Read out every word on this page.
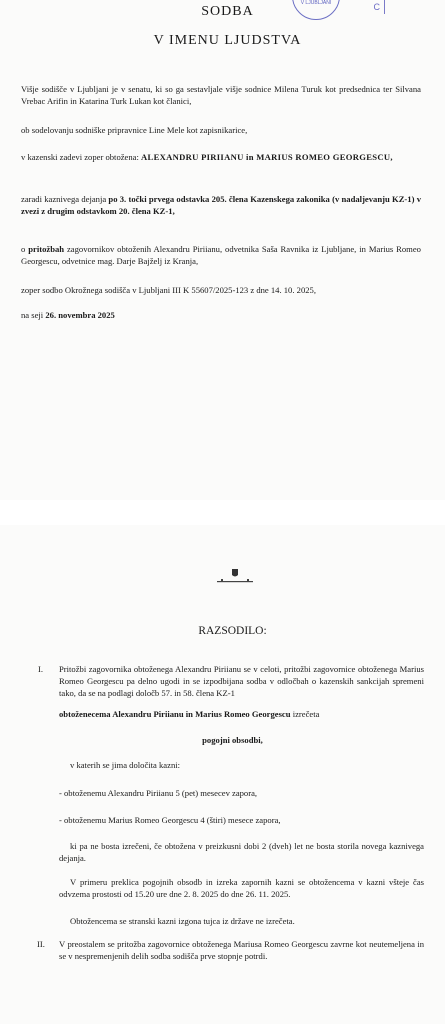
V LJUBLJANI	C
SODBA
V IMENU LJUDSTVA
Višje sodišče v Ljubljani je v senatu, ki so ga sestavljale višje sodnice Milena Turuk kot predsednica ter Silvana Vrebac Arifin in Katarina Turk Lukan kot članici,
ob sodelovanju sodniške pripravnice Line Mele kot zapisnikarice,
v kazenski zadevi zoper obtožena: ALEXANDRU PIRIIANU in MARIUS ROMEO GEORGESCU,
zaradi kaznivega dejanja po 3. točki prvega odstavka 205. člena Kazenskega zakonika (v nadaljevanju KZ-1) v zvezi z drugim odstavkom 20. člena KZ-1,
o pritožbah zagovornikov obtoženih Alexandru Piriianu, odvetnika Saša Ravnika iz Ljubljane, in Marius Romeo Georgescu, odvetnice mag. Darje Bajželj iz Kranja,
zoper sodbo Okrožnega sodišča v Ljubljani III K 55607/2025-123 z dne 14. 10. 2025,
na seji 26. novembra 2025
RAZSODILO:
I. Pritožbi zagovornika obtoženega Alexandru Piriianu se v celoti, pritožbi zagovornice obtoženega Marius Romeo Georgescu pa delno ugodi in se izpodbijana sodba v odločbah o kazenskih sankcijah spremeni tako, da se na podlagi določb 57. in 58. člena KZ-1
obtoženecema Alexandru Piriianu in Marius Romeo Georgescu izrečeta
pogojni obsodbi,
v katerih se jima določita kazni:
- obtoženemu Alexandru Piriianu 5 (pet) mesecev zapora,
- obtoženemu Marius Romeo Georgescu 4 (štiri) mesece zapora,
ki pa ne bosta izrečeni, če obtožena v preizkusni dobi 2 (dveh) let ne bosta storila novega kaznivega dejanja.
V primeru preklica pogojnih obsodb in izreka zapornih kazni se obtožencema v kazni všteje čas odvzema prostosti od 15.20 ure dne 2. 8. 2025 do dne 26. 11. 2025.
Obtožencema se stranski kazni izgona tujca iz države ne izrečeta.
II. V preostalem se pritožba zagovornice obtoženega Mariusa Romeo Georgescu zavrne kot neutemeljena in se v nespremenjenih delih sodba sodišča prve stopnje potrdi.
